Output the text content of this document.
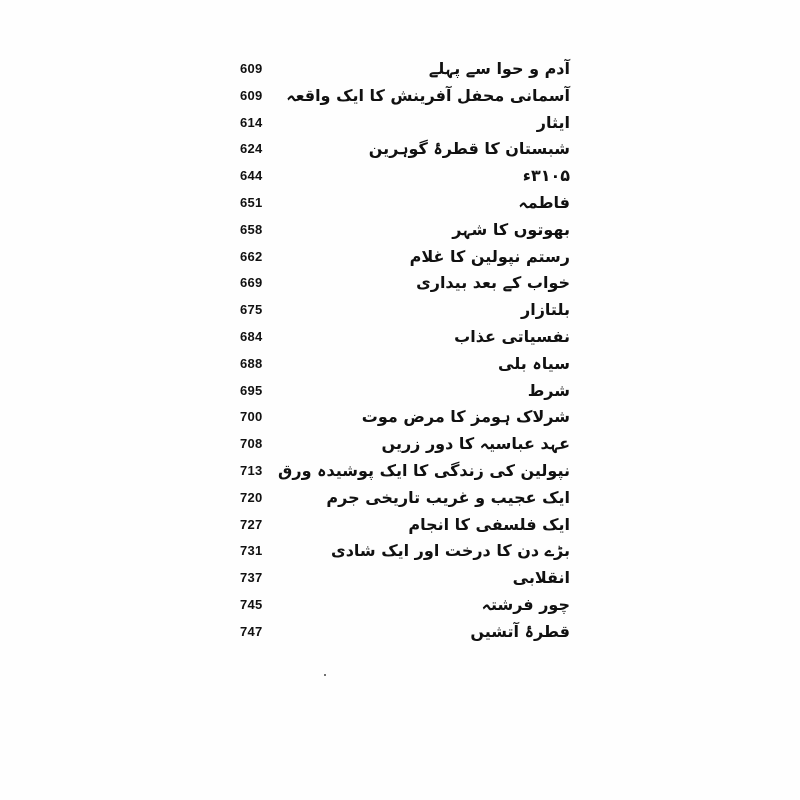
آدم و حوا سے پہلے
609
آسمانی محفل آفرینش کا ایک واقعہ
609
ایثار
614
شبستان کا قطرۂ گوہرین
624
۳۱۰۵ء
644
فاطمہ
651
بھوتوں کا شہر
658
رستم نپولین کا غلام
662
خواب کے بعد بیداری
669
بلتازار
675
نفسیاتی عذاب
684
سیاہ بلی
688
شرط
695
شرلاک ہومز کا مرض موت
700
عہد عباسیہ کا دور زریں
708
نپولین کی زندگی کا ایک پوشیدہ ورق
713
ایک عجیب و غریب تاریخی جرم
720
ایک فلسفی کا انجام
727
بڑے دن کا درخت اور ایک شادی
731
انقلابی
737
چور فرشتہ
745
قطرۂ آتشیں
747
